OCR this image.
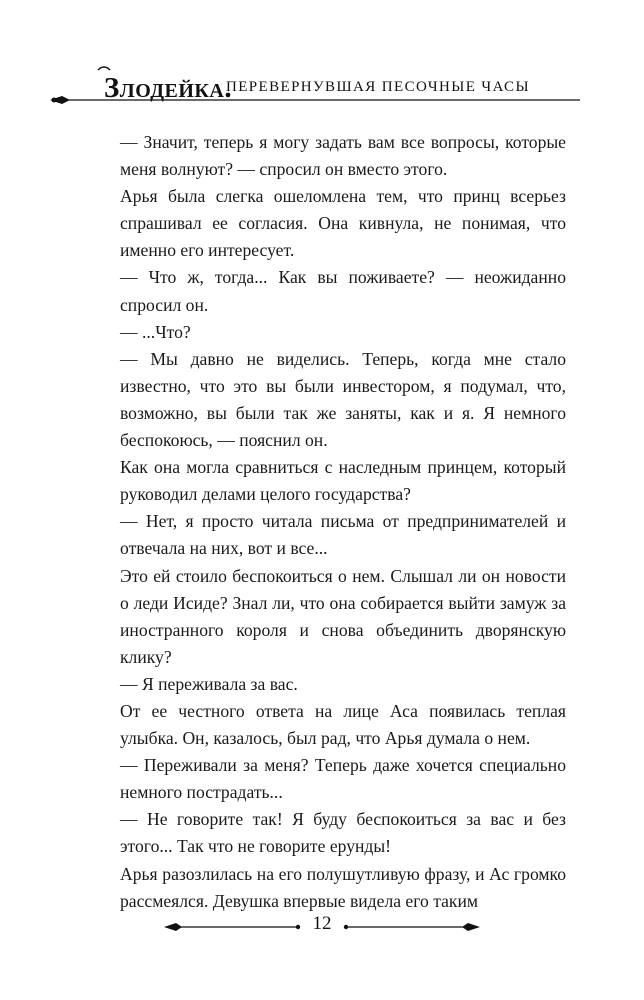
Злодейка.
ПЕРЕВЕРНУВШАЯ ПЕСОЧНЫЕ ЧАСЫ

— Значит, теперь я могу задать вам все вопросы, которые меня волнуют? — спросил он вместо этого.

Арья была слегка ошеломлена тем, что принц всерьез спрашивал ее согласия. Она кивнула, не понимая, что именно его интересует.

— Что ж, тогда... Как вы поживаете? — неожиданно спросил он.

— ...Что?

— Мы давно не виделись. Теперь, когда мне стало известно, что это вы были инвестором, я подумал, что, возможно, вы были так же заняты, как и я. Я немного беспокоюсь, — пояснил он.

Как она могла сравниться с наследным принцем, который руководил делами целого государства?

— Нет, я просто читала письма от предпринимателей и отвечала на них, вот и все...

Это ей стоило беспокоиться о нем. Слышал ли он новости о леди Исиде? Знал ли, что она собирается выйти замуж за иностранного короля и снова объединить дворянскую клику?

— Я переживала за вас.

От ее честного ответа на лице Аса появилась теплая улыбка. Он, казалось, был рад, что Арья думала о нем.

— Переживали за меня? Теперь даже хочется специально немного пострадать...

— Не говорите так! Я буду беспокоиться за вас и без этого... Так что не говорите ерунды!

Арья разозлилась на его полушутливую фразу, и Ас громко рассмеялся. Девушка впервые видела его таким

12
